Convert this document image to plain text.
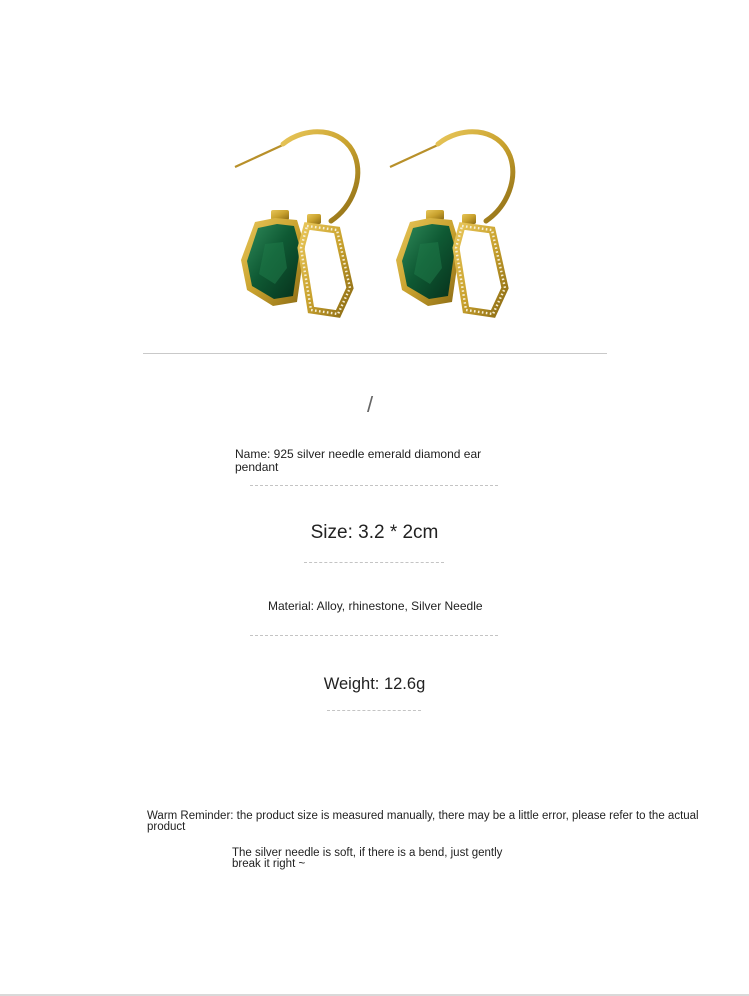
/
Name: 925 silver needle emerald diamond ear pendant
Size: 3.2 * 2cm
Material: Alloy, rhinestone, Silver Needle
Weight: 12.6g
Warm Reminder: the product size is measured manually, there may be a little error, please refer to the actual product
The silver needle is soft, if there is a bend, just gently break it right ~
